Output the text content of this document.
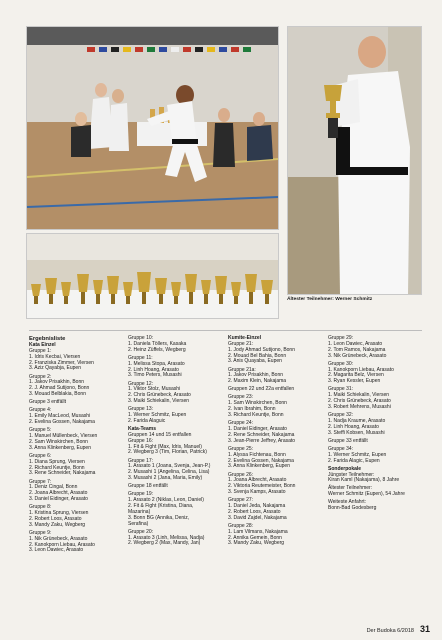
Ältester Teilnehmer: Werner Schmitz

Ergebnisliste

Kata Einzel

Gruppe 1:

1. Idris Kecbai, Viersen

2. Franziska Zimmer, Viersen

3. Aziz Qayabja, Eupen

Gruppe 2:

1. Jakov Prisakhin, Bonn

2. J. Ahmad Sutijono, Bonn

3. Mouad Belblakia, Bonn

Gruppe 3 entfällt

Gruppe 4:

1. Emily MacLeod, Musashi

2. Evelina Gossen, Nakajama

Gruppe 5:

1. Manuel Müllenbeck, Viersen

2. Sam Winskirchen, Bonn

3. Anna Klinkenberg, Eupen

Gruppe 6:

1. Diana Sprung, Viersen

2. Richard Keuntje, Bonn

3. Rene Schneider, Nakajama

Gruppe 7:

1. Deniz Cingal, Bonn

2. Joana Albrecht, Arasato

3. Daniel Eidinger, Arasato

Gruppe 8:

1. Kristina Sprung, Viersen

2. Robert Loos, Arasato

3. Mandy Zaku, Wegberg

Gruppe 9:

1. Nik Grünebeck, Arasato

2. Kanokporn Liebau, Arasato

3. Leon Dawiec, Arasato

Gruppe 10:

1. Daniela Töllers, Kasaka

2. Heinz Züffels, Wegberg

Gruppe 11:

1. Melissa Stopa, Arasato

2. Linh Hoang, Arasato

3. Timo Peters, Musashi

Gruppe 12:

1. Viktor Stolz, Musashi

2. Chris Grünebeck, Arasato

3. Maiki Schiekalin, Viersen

Gruppe 13:

1. Werner Schmitz, Eupen

2. Farida Alaguic

Kata-Teams

Gruppen 14 und 15 entfallen

Gruppe 16:

1. Fit & Fight (Max, Idris, Manuel)

2. Wegberg 3 (Tim, Florian, Patrick)

Gruppe 17:

1. Arasato 1 (Joana, Svenja, Jean-P.)

2. Musashi 1 (Angelina, Celina, Lisa)

3. Musashi 2 (Jana, Maria, Emily)

Gruppe 18 entfällt

Gruppe 19:

1. Arasato 2 (Niklas, Leon, Daniel)

2. Fit & Fight (Kristina, Diana,

Mazarina)

3. Bonn BG (Annika, Deniz,

Serafina)

Gruppe 20:

1. Arasato 3 (Linh, Melissa, Nadja)

2. Wegberg 2 (Max, Mandy, Jan)

Kumite-Einzel

Gruppe 21:

1. Jody Ahmad Sutijono, Bonn

2. Mouad Bel Bahia, Bonn

3. Anis Quayaba, Eupen

Gruppe 21a:

1. Jakov Prisakhin, Bonn

2. Maxim Klein, Nakajama

Gruppen 22 und 22a entfallen

Gruppe 23:

1. Sam Winskirchen, Bonn

2. Ivan Ibrahim, Bonn

3. Richard Keuntje, Bonn

Gruppe 24:

1. Daniel Eidinger, Arasato

2. Rene Schneider, Nakajama

3. Jean-Pierre Jeffrey, Arasato

Gruppe 25:

1. Alyssa Fichtenau, Bonn

2. Evelina Gossen, Nakajama

3. Anna Klinkenberg, Eupen

Gruppe 26:

1. Joana Albrecht, Arasato

2. Viktoria Reutemeister, Bonn

3. Svenja Kamps, Arasato

Gruppe 27:

1. Daniel Jeda, Nakajama

2. Robert Loos, Arasato

3. David Zajdel, Nakajama

Gruppe 28:

1. Lam Vilmans, Nakajama

2. Annika Gemein, Bonn

3. Mandy Zaku, Wegberg

Gruppe 29:

1. Leon Dawiec, Arasato

2. Tom Ramos, Nakajama

3. Nik Grünebeck, Arasato

Gruppe 30:

1. Kanokporn Liebau, Arasato

2. Magarita Belz, Viersen

3. Ryan Kessler, Eupen

Gruppe 31:

1. Maiki Schiekalin, Viersen

2. Chris Grünebeck, Arasato

3. Robert Mehrens, Musashi

Gruppe 32:

1. Nadja Kraume, Arasato

2. Linh Hoang, Arasato

3. Steffi Kobsen, Musashi

Gruppe 33 entfällt

Gruppe 34:

1. Werner Schmitz, Eupen

2. Farida Alagic, Eupen

Sonderpokale

Jüngster Teilnehmer:

Kiran Kaml (Nakajama), 8 Jahre

Ältester Teilnehmer:

Werner Schmitz (Eupen), 54 Jahre

Weiteste Anfahrt:

Bonn-Bad Godesberg

Der Budoka 6/2018 31
